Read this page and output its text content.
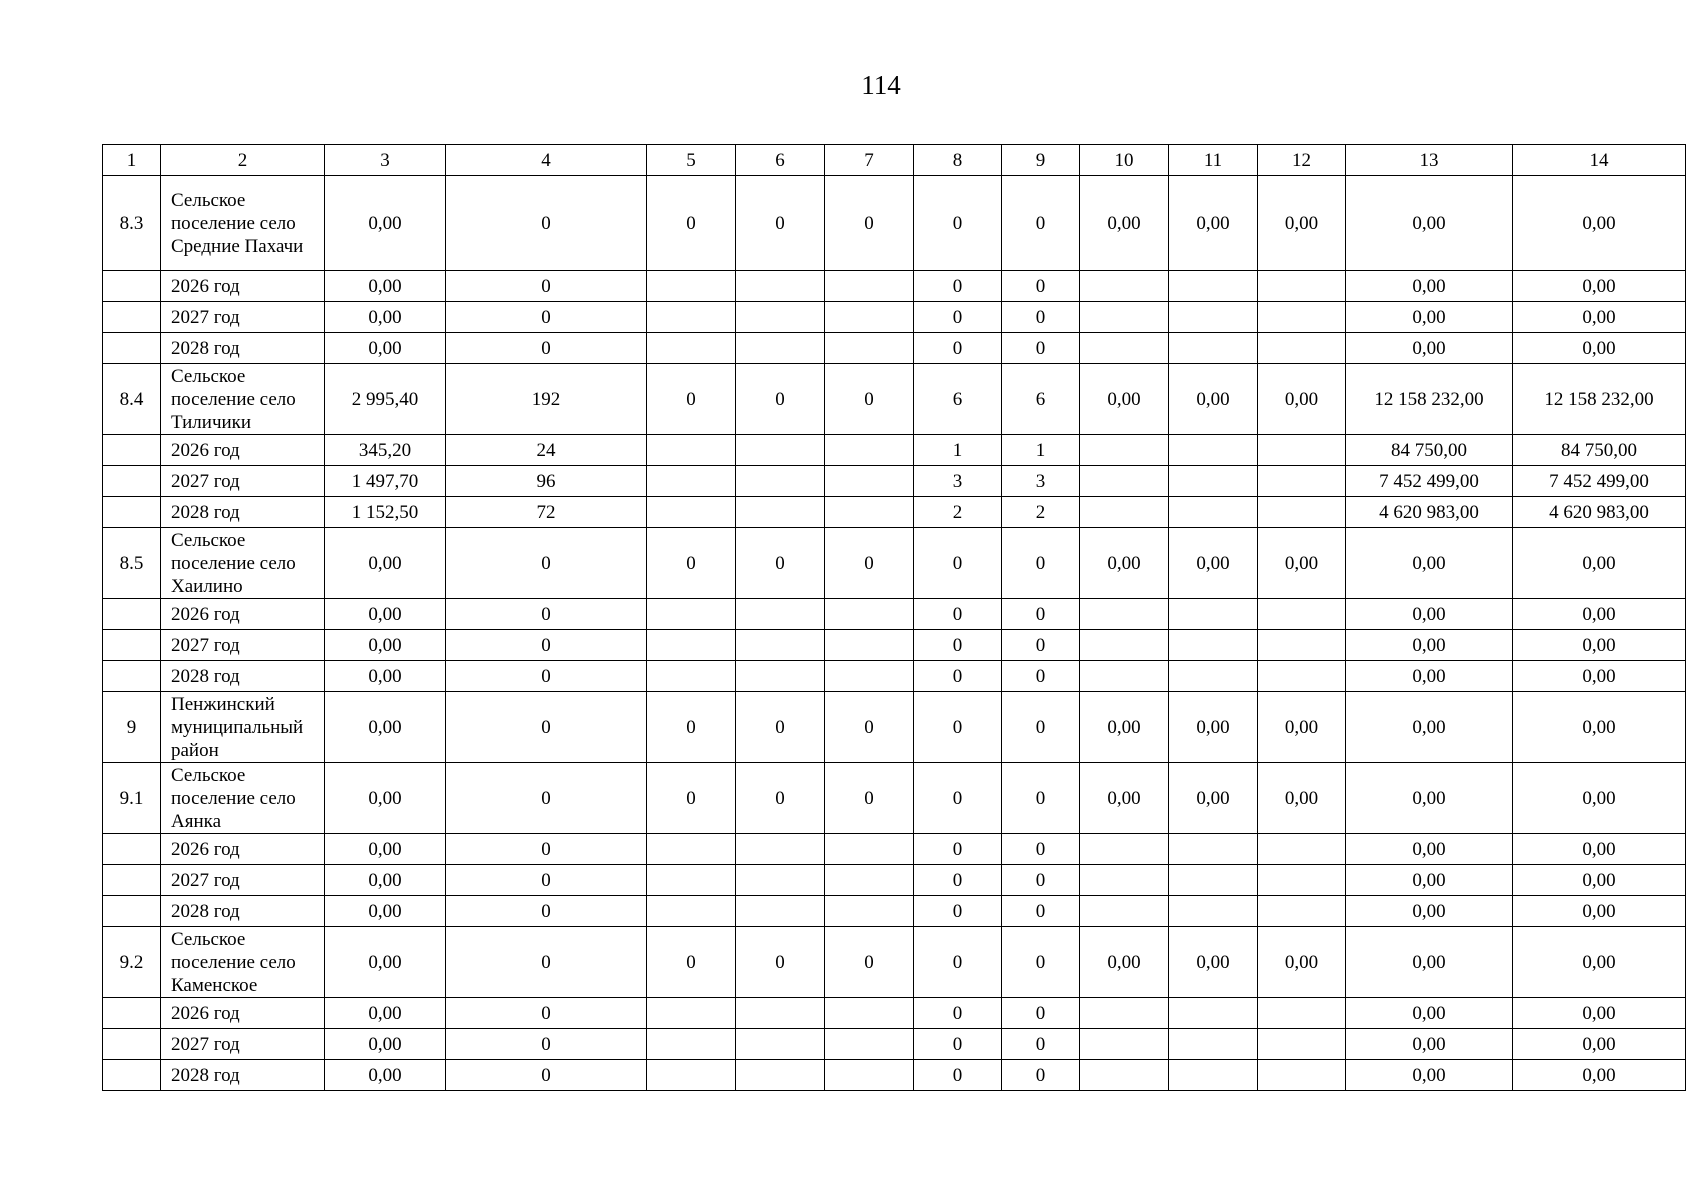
114
1	2	3	4	5	6	7	8	9	10	11	12	13	14
8.3	Сельское поселение село Средние Пахачи	0,00	0	0	0	0	0	0	0,00	0,00	0,00	0,00	0,00
	2026 год	0,00	0				0	0				0,00	0,00
	2027 год	0,00	0				0	0				0,00	0,00
	2028 год	0,00	0				0	0				0,00	0,00
8.4	Сельское поселение село Тиличики	2 995,40	192	0	0	0	6	6	0,00	0,00	0,00	12 158 232,00	12 158 232,00
	2026 год	345,20	24				1	1				84 750,00	84 750,00
	2027 год	1 497,70	96				3	3				7 452 499,00	7 452 499,00
	2028 год	1 152,50	72				2	2				4 620 983,00	4 620 983,00
8.5	Сельское поселение село Хаилино	0,00	0	0	0	0	0	0	0,00	0,00	0,00	0,00	0,00
	2026 год	0,00	0				0	0				0,00	0,00
	2027 год	0,00	0				0	0				0,00	0,00
	2028 год	0,00	0				0	0				0,00	0,00
9	Пенжинский муниципальный район	0,00	0	0	0	0	0	0	0,00	0,00	0,00	0,00	0,00
9.1	Сельское поселение село Аянка	0,00	0	0	0	0	0	0	0,00	0,00	0,00	0,00	0,00
	2026 год	0,00	0				0	0				0,00	0,00
	2027 год	0,00	0				0	0				0,00	0,00
	2028 год	0,00	0				0	0				0,00	0,00
9.2	Сельское поселение село Каменское	0,00	0	0	0	0	0	0	0,00	0,00	0,00	0,00	0,00
	2026 год	0,00	0				0	0				0,00	0,00
	2027 год	0,00	0				0	0				0,00	0,00
	2028 год	0,00	0				0	0				0,00	0,00
